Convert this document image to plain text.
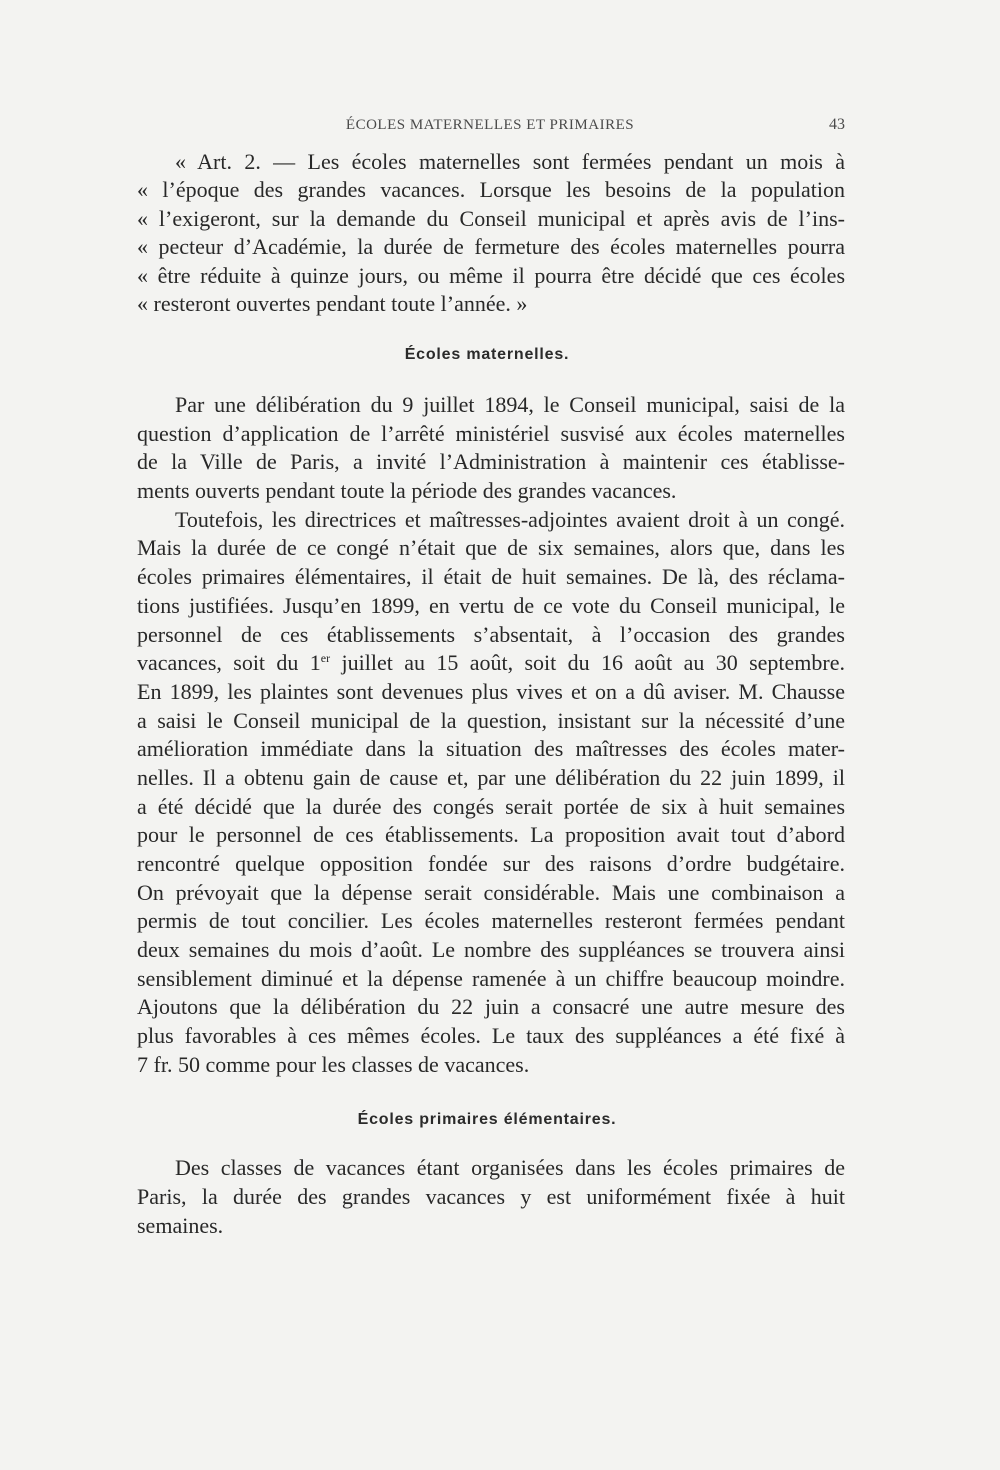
ÉCOLES MATERNELLES ET PRIMAIRES	43
« Art. 2. — Les écoles maternelles sont fermées pendant un mois à
« l’époque des grandes vacances. Lorsque les besoins de la population
« l’exigeront, sur la demande du Conseil municipal et après avis de l’ins-
« pecteur d’Académie, la durée de fermeture des écoles maternelles pourra
« être réduite à quinze jours, ou même il pourra être décidé que ces écoles
« resteront ouvertes pendant toute l’année. »
Écoles maternelles.
Par une délibération du 9 juillet 1894, le Conseil municipal, saisi de la
question d’application de l’arrêté ministériel susvisé aux écoles maternelles
de la Ville de Paris, a invité l’Administration à maintenir ces établisse-
ments ouverts pendant toute la période des grandes vacances.
Toutefois, les directrices et maîtresses-adjointes avaient droit à un congé.
Mais la durée de ce congé n’était que de six semaines, alors que, dans les
écoles primaires élémentaires, il était de huit semaines. De là, des réclama-
tions justifiées. Jusqu’en 1899, en vertu de ce vote du Conseil municipal, le
personnel de ces établissements s’absentait, à l’occasion des grandes
vacances, soit du 1er juillet au 15 août, soit du 16 août au 30 septembre.
En 1899, les plaintes sont devenues plus vives et on a dû aviser. M. Chausse
a saisi le Conseil municipal de la question, insistant sur la nécessité d’une
amélioration immédiate dans la situation des maîtresses des écoles mater-
nelles. Il a obtenu gain de cause et, par une délibération du 22 juin 1899, il
a été décidé que la durée des congés serait portée de six à huit semaines
pour le personnel de ces établissements. La proposition avait tout d’abord
rencontré quelque opposition fondée sur des raisons d’ordre budgétaire.
On prévoyait que la dépense serait considérable. Mais une combinaison a
permis de tout concilier. Les écoles maternelles resteront fermées pendant
deux semaines du mois d’août. Le nombre des suppléances se trouvera ainsi
sensiblement diminué et la dépense ramenée à un chiffre beaucoup moindre.
Ajoutons que la délibération du 22 juin a consacré une autre mesure des
plus favorables à ces mêmes écoles. Le taux des suppléances a été fixé à
7 fr. 50 comme pour les classes de vacances.
Écoles primaires élémentaires.
Des classes de vacances étant organisées dans les écoles primaires de
Paris, la durée des grandes vacances y est uniformément fixée à huit
semaines.
